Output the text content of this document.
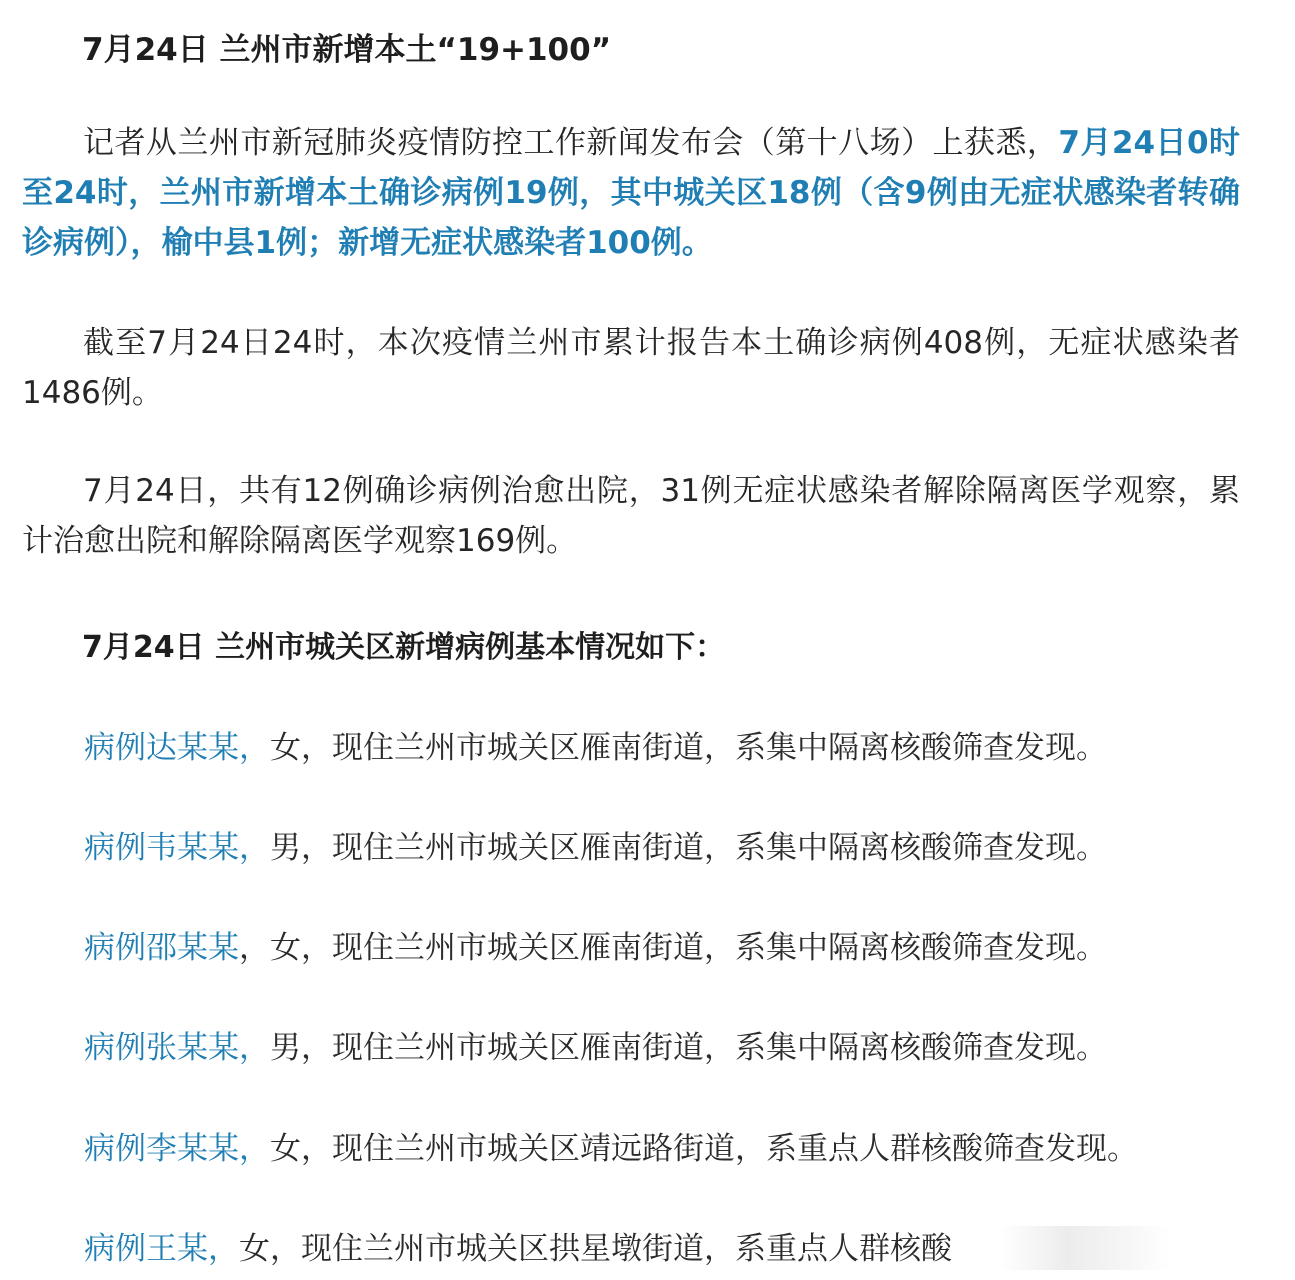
7月24日 兰州市新增本土“19+100”

记者从兰州市新冠肺炎疫情防控工作新闻发布会（第十八场）上获悉，7月24日0时至24时，兰州市新增本土确诊病例19例，其中城关区18例（含9例由无症状感染者转确诊病例），榆中县1例；新增无症状感染者100例。

截至7月24日24时，本次疫情兰州市累计报告本土确诊病例408例，无症状感染者1486例。

7月24日，共有12例确诊病例治愈出院，31例无症状感染者解除隔离医学观察，累计治愈出院和解除隔离医学观察169例。

7月24日 兰州市城关区新增病例基本情况如下：

病例达某某，女，现住兰州市城关区雁南街道，系集中隔离核酸筛查发现。

病例韦某某，男，现住兰州市城关区雁南街道，系集中隔离核酸筛查发现。

病例邵某某，女，现住兰州市城关区雁南街道，系集中隔离核酸筛查发现。

病例张某某，男，现住兰州市城关区雁南街道，系集中隔离核酸筛查发现。

病例李某某，女，现住兰州市城关区靖远路街道，系重点人群核酸筛查发现。

病例王某，女，现住兰州市城关区拱星墩街道，系重点人群核酸
